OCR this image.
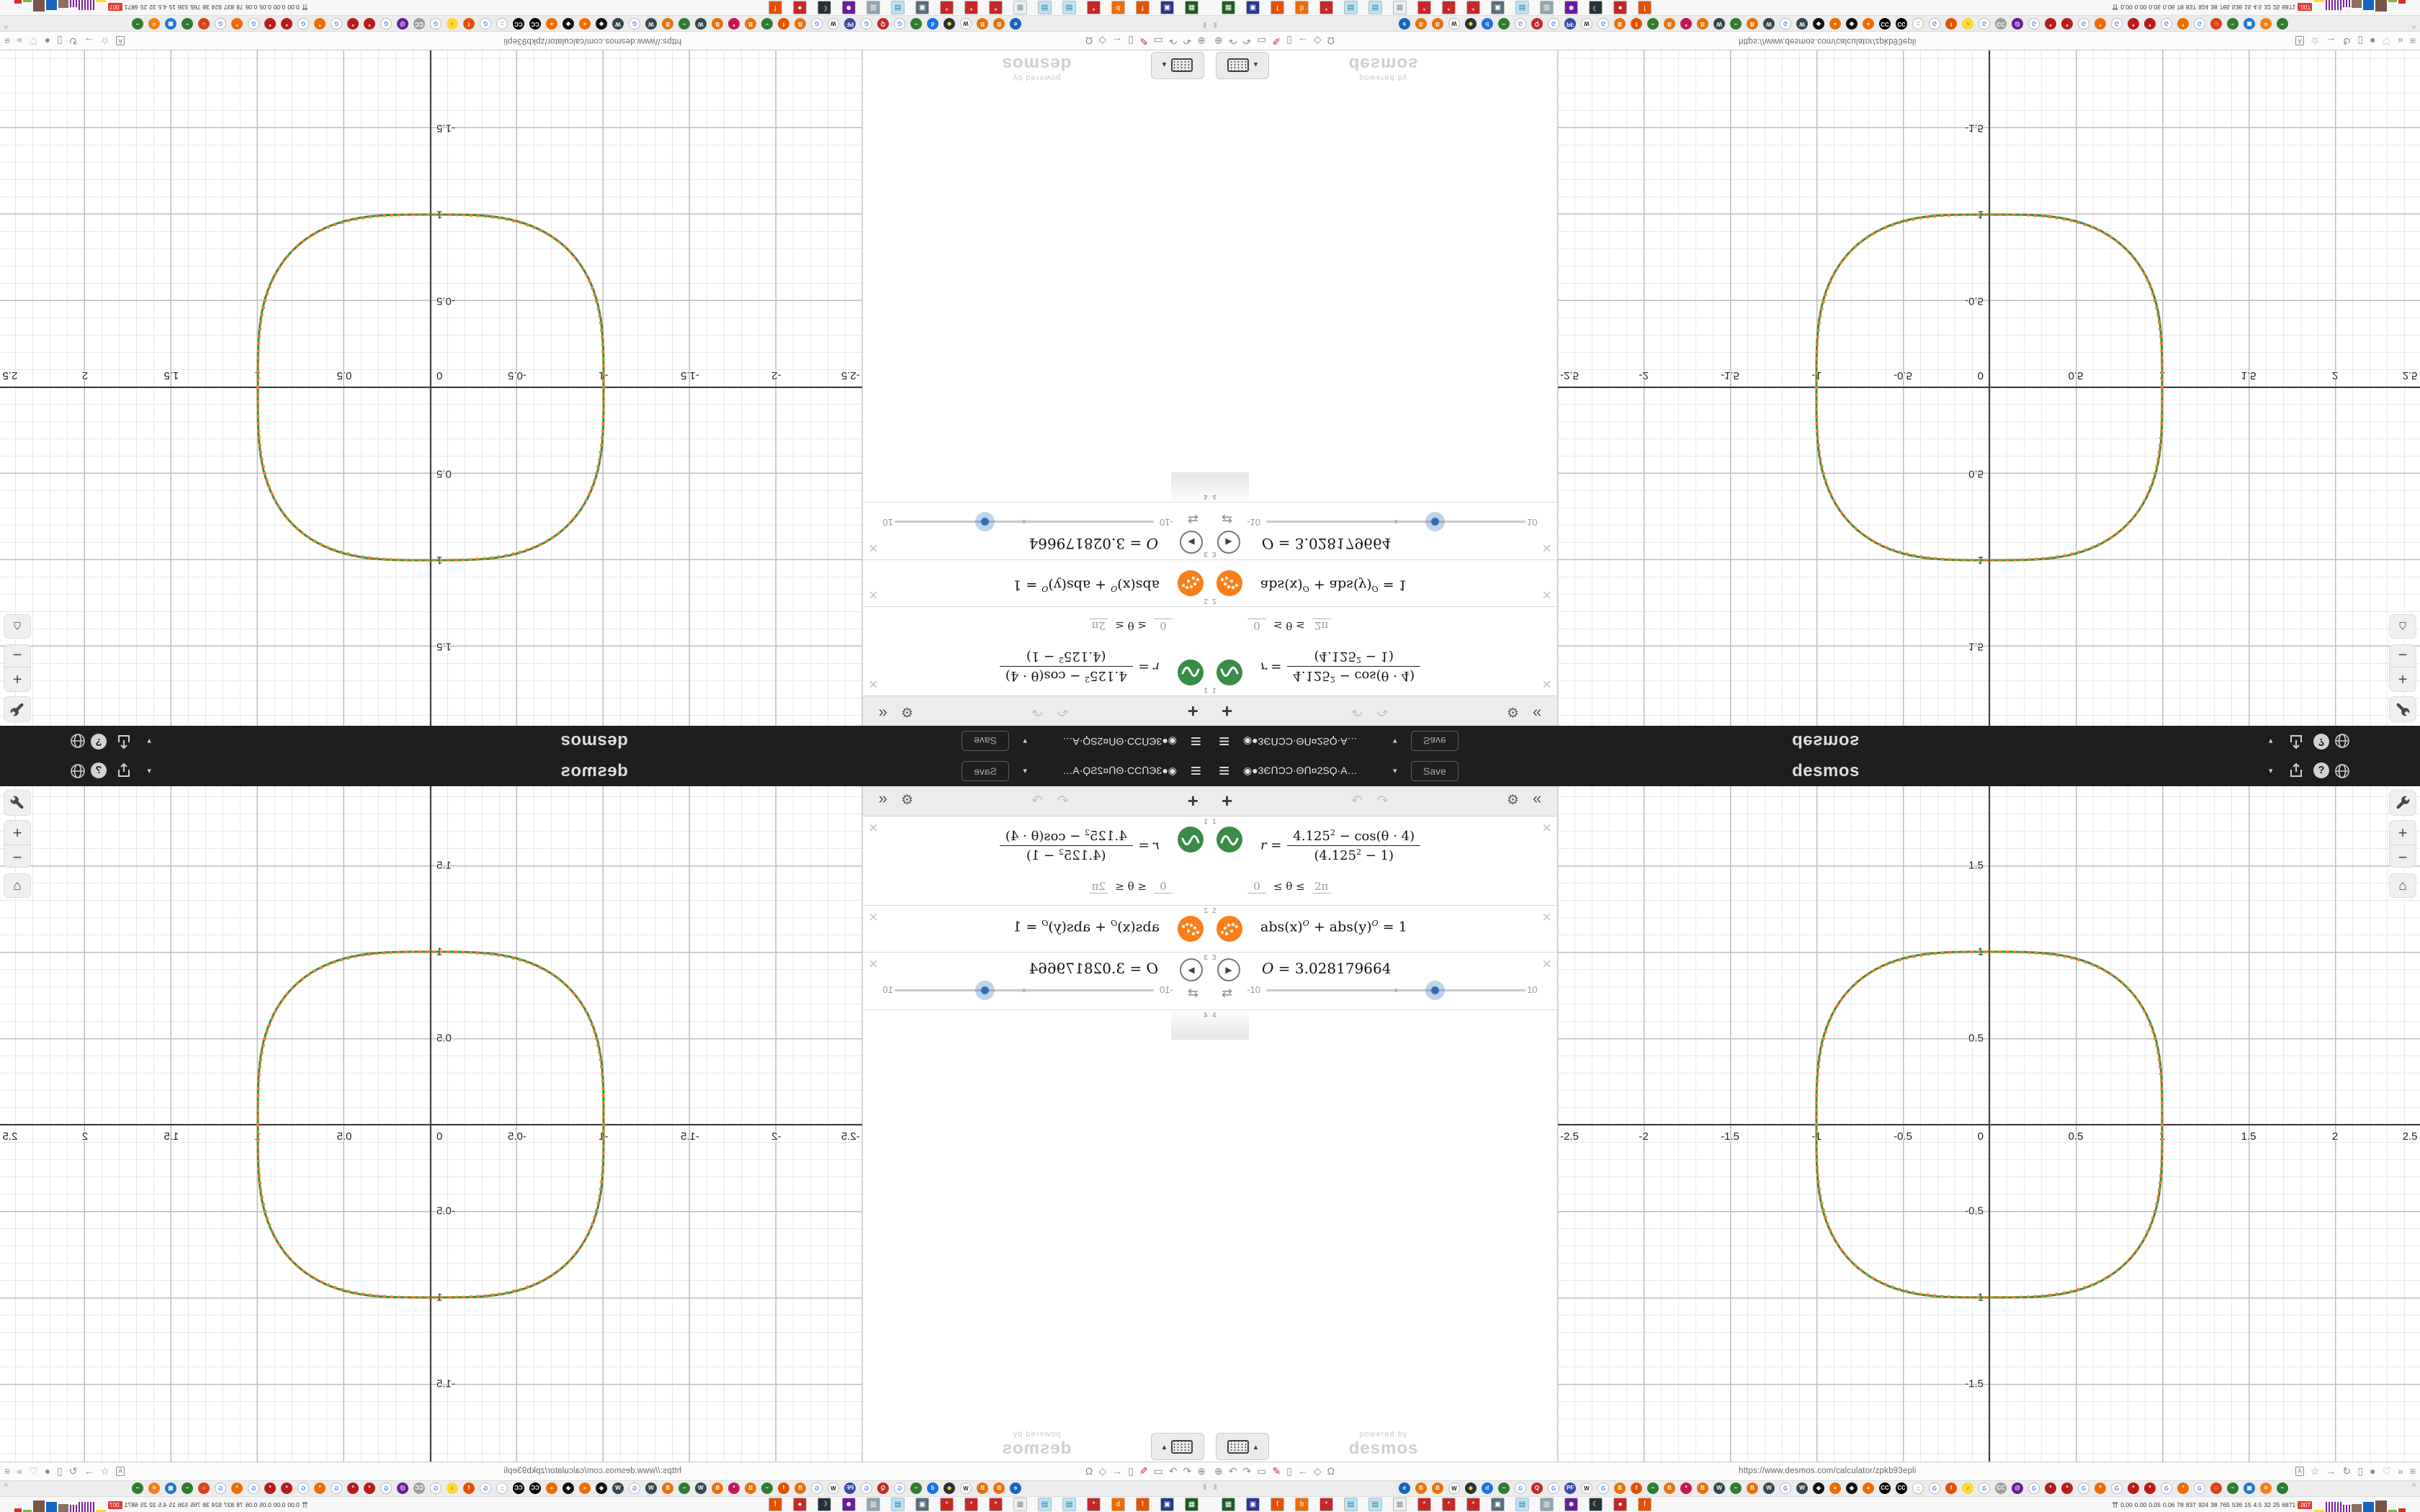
≡ ◉●3ЄՈƆƆ·ΘՈ¤2SϘ·A…	▾	Save	desmos	▾	?
+	↶ ↷	⚙ «
1
$r = \frac{4.125^2 - \cos(\theta \cdot 4)}{(4.125^2 - 1)}$
0 ≤ θ ≤ 2π
×
2
$abs(x)^O + abs(y)^O = 1$
×
3
▶
⇄
O = 3.028179664
-10	10
×
4
▴
powered by
desmos
-2.5	-2	-1.5	-1	-0.5	0.5	1	1.5	2	2.5
1.5
1
0.5
-0.5
-1
-1.5
0
+
−
⌂
⊕ ↶ ↷ ▭ ✎ ▯ ← ◇ Ω	https://www.desmos.com/calculator/zpkb93epli	A ☆ → ↻ ▯ ● ♡ » ≡
‖	e	B	B	W	◆	d	~	G	Q	G	PF	W	G	B	f	~	B	*	B	W	~	B	W	G	W	◆	●	◆	●	CC CC	::	G	f	♪	G	CC	@	G	*	*	G	*	G	*	*	G	*	G	☺	~	▣	¤	~	^
▦	▣	f	b	*	▤	▤	▦	*	*	*	▣	▤	▥	☻	☾	●	f	⇈ 0.00 0.00 0.05 0.06 78 837 924 38 765 536 15 4.5 32 25 6871 .007
≡
◉●3ЄՈƆƆ·ΘՈ¤2SϘ·A…
▾
Save
desmos
▾
?
+
↶
↷
⚙
«
1
r =
$\frac{4.125^2 - \cos(\theta \cdot 4)}{(4.125^2 - 1)}$
0≤ θ ≤2π
×
2
$abs(x)^O + abs(y)^O = 1$
×
3
▶
⇄
O = 3.028179664
-10
10
×
4
▴
powered by
desmos
-2.5
-2
-1.5
-1
-0.5
0.5
1
1.5
2
2.5
1.5
1
0.5
-0.5
-1
-1.5
0
+
−
⌂
⊕
↶
↷
▭
✎
▯
←
◇
Ω
https://www.desmos.com/calculator/zpkb93epli
A
☆
→
↻
▯
●
♡
»
≡
‖
e
B
B
W
◆
d
~
G
Q
G
PF
W
G
B
f
~
B
*
B
W
~
B
W
G
W
◆
●
◆
●
CC
CC
::
G
f
♪
G
CC
@
G
*
*
G
*
G
*
*
G
*
G
☺
~
▣
¤
~
^
▦
▣
f
b
*
▤
▤
▦
*
*
*
▣
▤
▥
☻
☾
●
f
⇈
0.00
0.00
0.05
0.06
78
837
924
38
765
536
15
4.5
32
25
6871
.007
≡ ◉●3ЄՈƆƆ·ΘՈ¤2SϘ·A…	▾	Save	desmos	▾	?
+	↶ ↷	⚙ «
1
r =
$4.125^2 - \cos(\theta \cdot 4)$
$(4.125^2 - 1)$
0 ≤ θ ≤ 2π
×
2
$abs(x)^O + abs(y)^O = 1$
×
3
▶
⇄
O = 3.028179664
-10	10
×
4
▴
powered by
desmos
-2.5	-2	-1.5	-1	-0.5	0.5	1	1.5	2	2.5
1.5
1
0.5
-0.5
-1
-1.5
0
+
−
⌂
⊕ ↶ ↷ ▭ ✎ ▯ ← ◇ Ω	https://www.desmos.com/calculator/zpkb93epli	A ☆ → ↻ ▯ ● ♡ » ≡
‖	e	B	B	W	◆	d	~	G	Q	G	PF	W	G	B	f	~	B	*	B	W	~	B	W	G	W	◆	●	◆	●	CC CC	::	G	f	♪	G	CC	@	G	*	*	G	*	G	*	*	G	*	G	☺	~	▣	¤	~	^
▦	▣	f	b	*	▤	▤	▦	*	*	*	▣	▤	▥	☻	☾	●	f	⇈ 0.00 0.00 0.05 0.06 78 837 924 38 765 536 15 4.5 32 25 6871 .007
≡
◉●3ЄՈƆƆ·ΘՈ¤2SϘ·A…
▾
Save
desmos
▾
?
+
↶
↷
⚙
«
1
r =
$4.125^2 - \cos(\theta \cdot 4)$
$(4.125^2 - 1)$
0≤ θ ≤2π
×
2
$abs(x)^O + abs(y)^O = 1$
×
3
▶
⇄
O = 3.028179664
-10
10
×
4
▴
powered by
desmos
-2.5
-2
-1.5
-1
-0.5
0.5
1
1.5
2
2.5
1.5
1
0.5
-0.5
-1
-1.5
0
+
−
⌂
⊕
↶
↷
▭
✎
▯
←
◇
Ω
https://www.desmos.com/calculator/zpkb93epli
A
☆
→
↻
▯
●
♡
»
≡
‖
e
B
B
W
◆
d
~
G
Q
G
PF
W
G
B
f
~
B
*
B
W
~
B
W
G
W
◆
●
◆
●
CC
CC
::
G
f
♪
G
CC
@
G
*
*
G
*
G
*
*
G
*
G
☺
~
▣
¤
~
^
▦
▣
f
b
*
▤
▤
▦
*
*
*
▣
▤
▥
☻
☾
●
f
⇈
0.00
0.00
0.05
0.06
78
837
924
38
765
536
15
4.5
32
25
6871
.007
